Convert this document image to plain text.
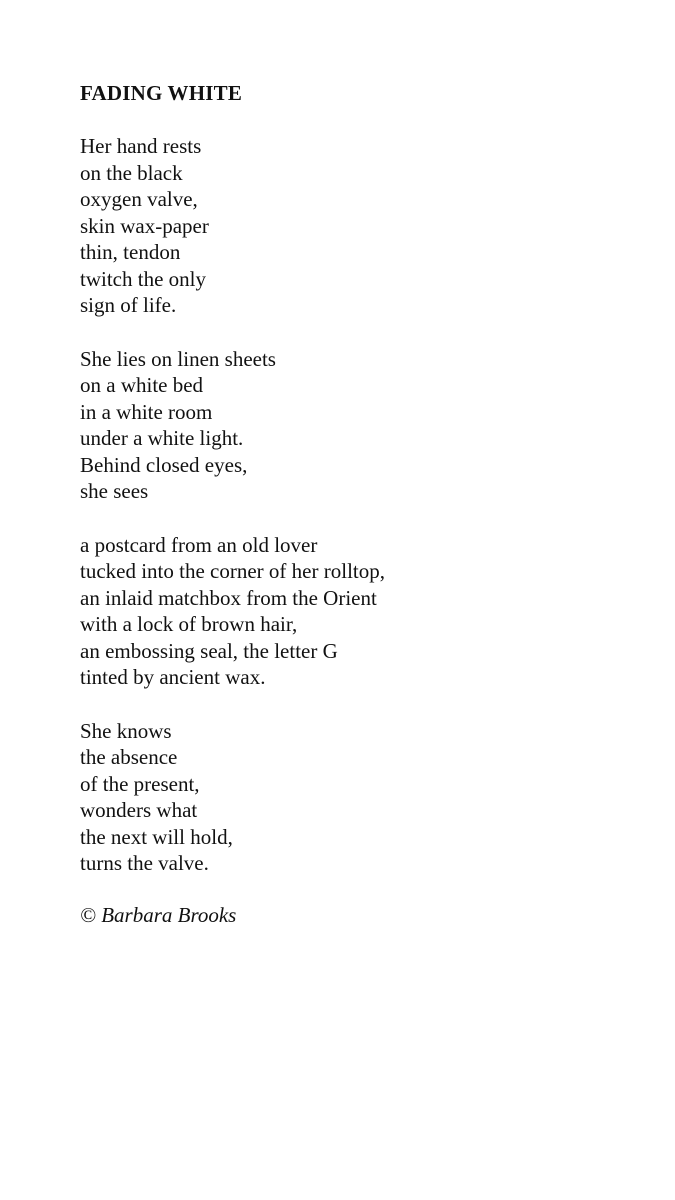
FADING WHITE
Her hand rests
on the black
oxygen valve,
skin wax-paper
thin, tendon
twitch the only
sign of life.
She lies on linen sheets
on a white bed
in a white room
under a white light.
Behind closed eyes,
she sees
a postcard from an old lover
tucked into the corner of her rolltop,
an inlaid matchbox from the Orient
with a lock of brown hair,
an embossing seal, the letter G
tinted by ancient wax.
She knows
the absence
of the present,
wonders what
the next will hold,
turns the valve.
© Barbara Brooks
